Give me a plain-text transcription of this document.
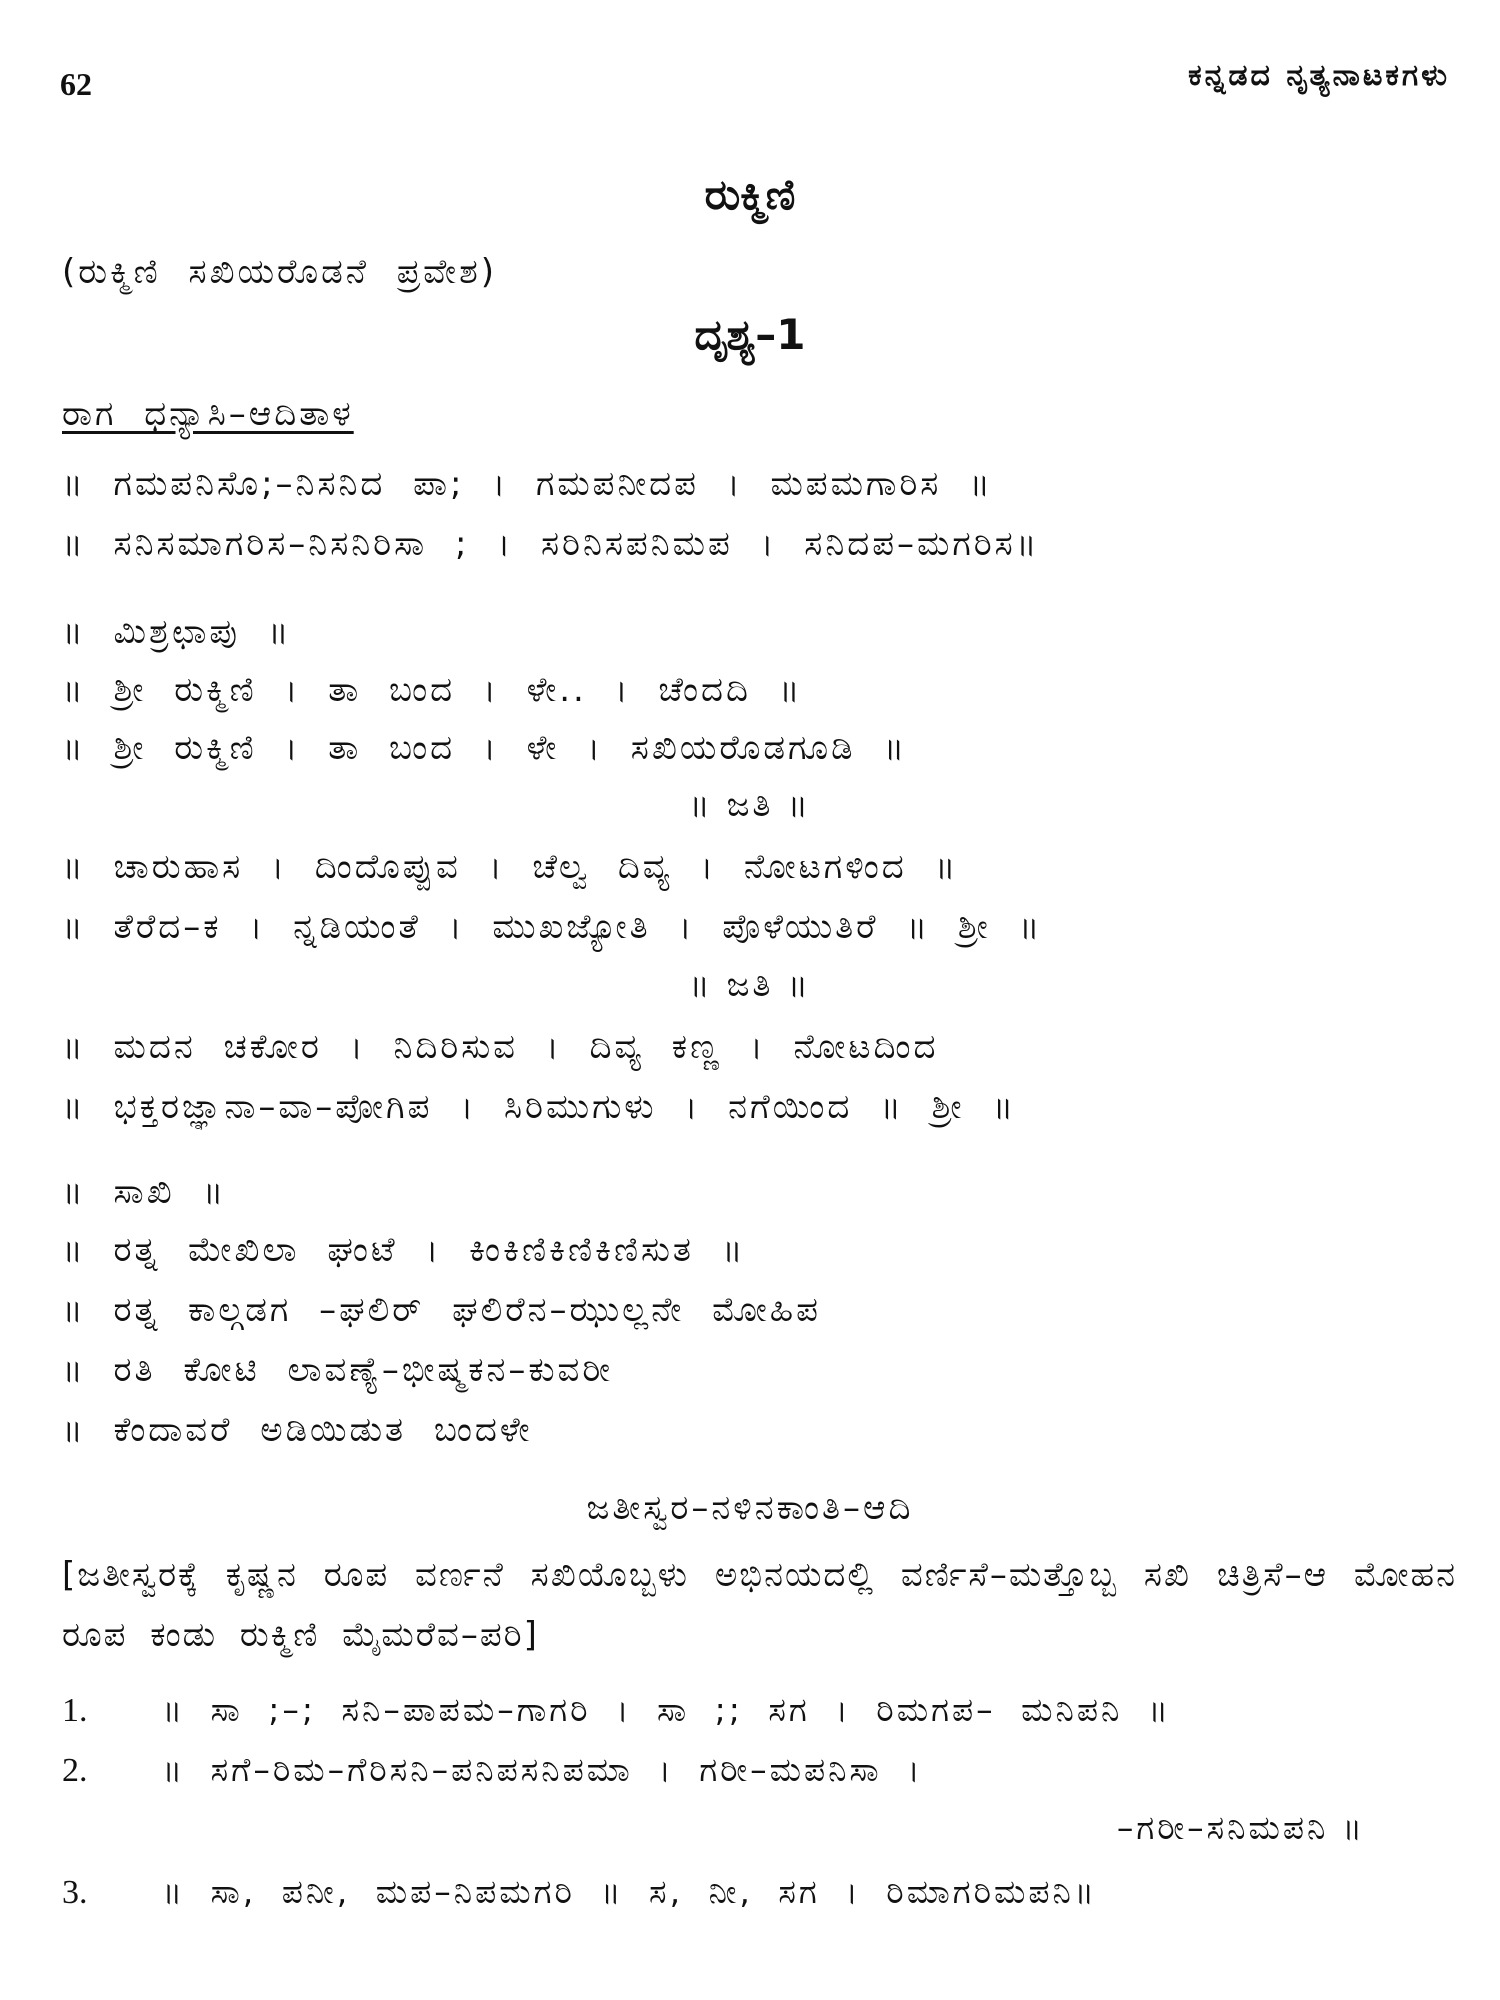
62	ಕನ್ನಡದ ನೃತ್ಯನಾಟಕಗಳು
ರುಕ್ಮಿಣಿ
(ರುಕ್ಮಿಣಿ ಸಖಿಯರೊಡನೆ ಪ್ರವೇಶ)
ದೃಶ್ಯ–1
ರಾಗ ಧನ್ಯಾಸಿ–ಆದಿತಾಳ
॥ ಗಮಪನಿಸೊ;–ನಿಸನಿದ ಪಾ; । ಗಮಪನೀದಪ । ಮಪಮಗಾರಿಸ ॥
॥ ಸನಿಸಮಾಗರಿಸ–ನಿಸನಿರಿಸಾ ; । ಸರಿನಿಸಪನಿಮಪ । ಸನಿದಪ–ಮಗರಿಸ॥
॥ ಮಿಶ್ರಛಾಪು ॥
॥ ಶ್ರೀ ರುಕ್ಮಿಣಿ । ತಾ ಬಂದ । ಳೇ.. । ಚೆಂದದಿ ॥
॥ ಶ್ರೀ ರುಕ್ಮಿಣಿ । ತಾ ಬಂದ । ಳೇ । ಸಖಿಯರೊಡಗೂಡಿ ॥
॥ ಜತಿ ॥
॥ ಚಾರುಹಾಸ । ದಿಂದೊಪ್ಪುವ । ಚೆಲ್ವ ದಿವ್ಯ । ನೋಟಗಳಿಂದ ॥
॥ ತೆರೆದ–ಕ । ನ್ನಡಿಯಂತೆ । ಮುಖಜ್ಯೋತಿ । ಪೊಳೆಯುತಿರೆ ॥ ಶ್ರೀ ॥
॥ ಜತಿ ॥
॥ ಮದನ ಚಕೋರ । ನಿದಿರಿಸುವ । ದಿವ್ಯ ಕಣ್ಣ । ನೋಟದಿಂದ
॥ ಭಕ್ತರಜ್ಞಾನಾ–ವಾ–ಪೋಗಿಪ । ಸಿರಿಮುಗುಳು । ನಗೆಯಿಂದ ॥ ಶ್ರೀ ॥
॥ ಸಾಖಿ ॥
॥ ರತ್ನ ಮೇಖಿಲಾ ಘಂಟೆ । ಕಿಂಕಿಣಿಕಿಣಿಕಿಣಿಸುತ ॥
॥ ರತ್ನ ಕಾಲ್ಗಡಗ –ಘಲಿರ್ ಘಲಿರೆನ–ಝುಲ್ಲನೇ ಮೋಹಿಪ
॥ ರತಿ ಕೋಟಿ ಲಾವಣ್ಯೆ–ಭೀಷ್ಮಕನ–ಕುವರೀ
॥ ಕೆಂದಾವರೆ ಅಡಿಯಿಡುತ ಬಂದಳೇ
ಜತೀಸ್ವರ–ನಳಿನಕಾಂತಿ–ಆದಿ
[ಜತೀಸ್ವರಕ್ಕೆ ಕೃಷ್ಣನ ರೂಪ ವರ್ಣನೆ ಸಖಿಯೊಬ್ಬಳು ಅಭಿನಯದಲ್ಲಿ ವರ್ಣಿಸೆ–ಮತ್ತೊಬ್ಬ ಸಖಿ ಚಿತ್ರಿಸೆ–ಆ ಮೋಹನ ರೂಪ ಕಂಡು ರುಕ್ಮಿಣಿ ಮೈಮರೆವ–ಪರಿ]
1. ॥ ಸಾ ;–; ಸನಿ–ಪಾಪಮ–ಗಾಗರಿ । ಸಾ ;; ಸಗ । ರಿಮಗಪ– ಮನಿಪನಿ ॥
2. ॥ ಸಗೆ–ರಿಮ–ಗೆರಿಸನಿ–ಪನಿಪಸನಿಪಮಾ । ಗರೀ–ಮಪನಿಸಾ ।
–ಗರೀ–ಸನಿಮಪನಿ ॥
3. ॥ ಸಾ, ಪನೀ, ಮಪ–ನಿಪಮಗರಿ ॥ ಸ, ನೀ, ಸಗ । ರಿಮಾಗರಿಮಪನಿ॥
